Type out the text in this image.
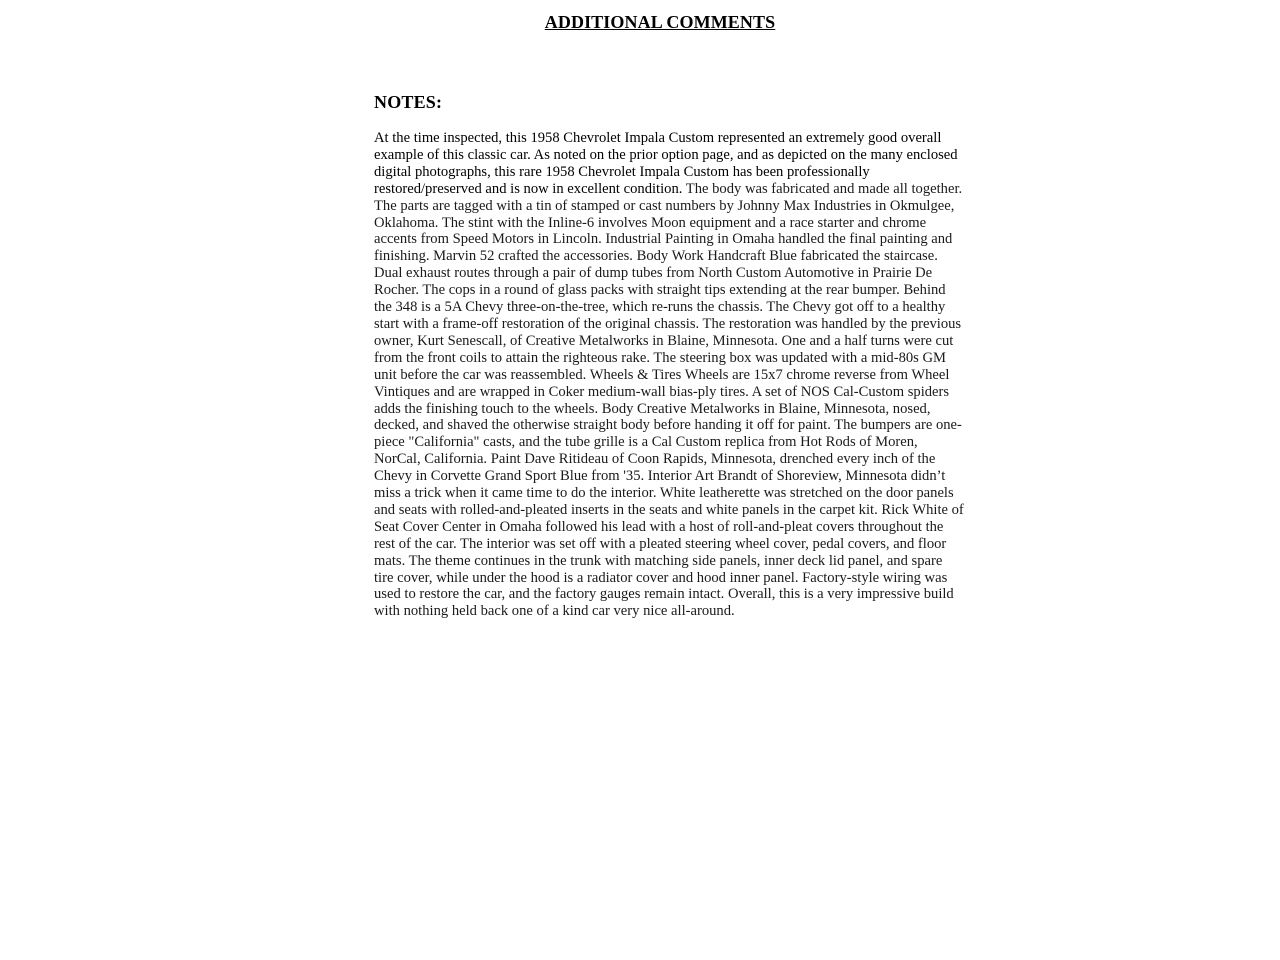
ADDITIONAL COMMENTS
NOTES:
At the time inspected, this 1958 Chevrolet Impala Custom represented an extremely good overall example of this classic car. As noted on the prior option page, and as depicted on the many enclosed digital photographs, this rare 1958 Chevrolet Impala Custom has been professionally restored/preserved and is now in excellent condition. The body was fabricated and made all together. The parts are tagged with a tin of stamped or cast numbers by Johnny Max Industries in Okmulgee, Oklahoma. The stint with the Inline-6 involves Moon equipment and a race starter and chrome accents from Speed Motors in Lincoln. Industrial Painting in Omaha handled the final painting and finishing. Marvin 52 crafted the accessories. Body Work Handcraft Blue fabricated the staircase. Dual exhaust routes through a pair of dump tubes from North Custom Automotive in Prairie De Rocher. The cops in a round of glass packs with straight tips extending at the rear bumper. Behind the 348 is a 5A Chevy three-on-the-tree, which re-runs the chassis. The Chevy got off to a healthy start with a frame-off restoration of the original chassis. The restoration was handled by the previous owner, Kurt Senescall, of Creative Metalworks in Blaine, Minnesota. One and a half turns were cut from the front coils to attain the righteous rake. The steering box was updated with a mid-80s GM unit before the car was reassembled. Wheels & Tires Wheels are 15x7 chrome reverse from Wheel Vintiques and are wrapped in Coker medium-wall bias-ply tires. A set of NOS Cal-Custom spiders adds the finishing touch to the wheels. Body Creative Metalworks in Blaine, Minnesota, nosed, decked, and shaved the otherwise straight body before handing it off for paint. The bumpers are one-piece "California" casts, and the tube grille is a Cal Custom replica from Hot Rods of Moren, NorCal, California. Paint Dave Ritideau of Coon Rapids, Minnesota, drenched every inch of the Chevy in Corvette Grand Sport Blue from '35. Interior Art Brandt of Shoreview, Minnesota didn’t miss a trick when it came time to do the interior. White leatherette was stretched on the door panels and seats with rolled-and-pleated inserts in the seats and white panels in the carpet kit. Rick White of Seat Cover Center in Omaha followed his lead with a host of roll-and-pleat covers throughout the rest of the car. The interior was set off with a pleated steering wheel cover, pedal covers, and floor mats. The theme continues in the trunk with matching side panels, inner deck lid panel, and spare tire cover, while under the hood is a radiator cover and hood inner panel. Factory-style wiring was used to restore the car, and the factory gauges remain intact. Overall, this is a very impressive build with nothing held back one of a kind car very nice all-around.
